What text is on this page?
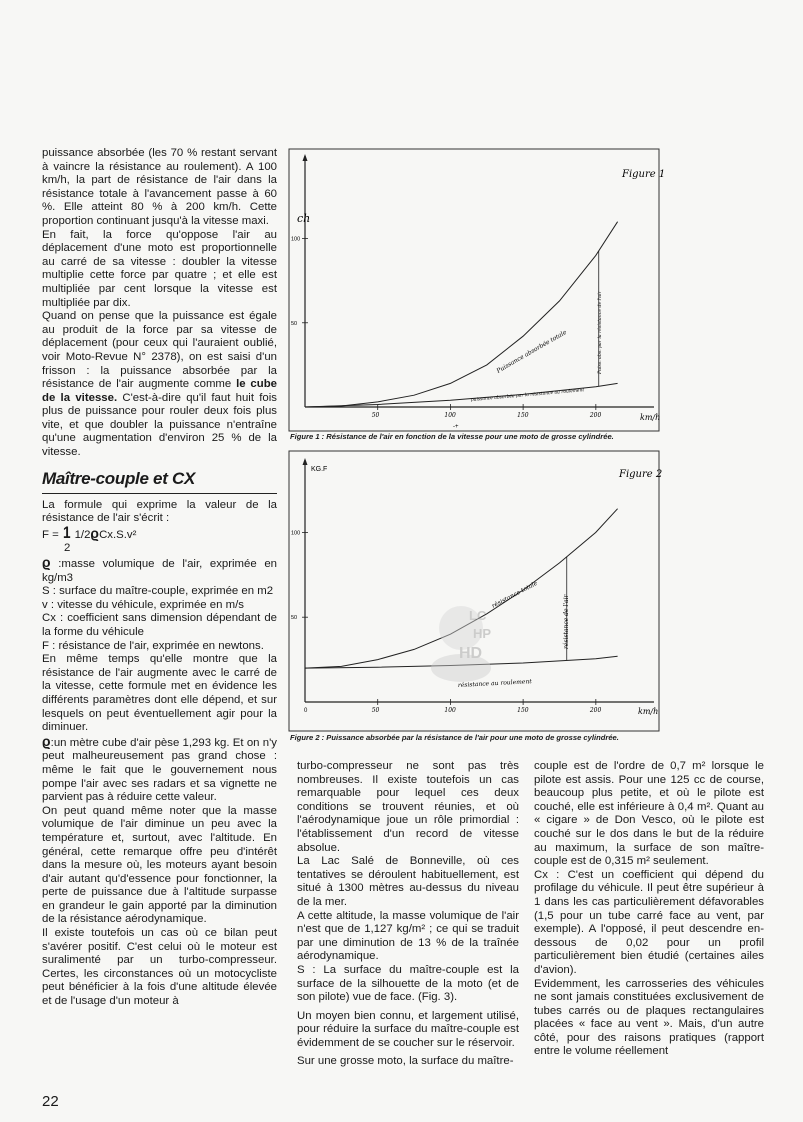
puissance absorbée (les 70 % restant servant à vaincre la résistance au roulement). A 100 km/h, la part de résistance de l'air dans la résistance totale à l'avancement passe à 60 %. Elle atteint 80 % à 200 km/h. Cette proportion continuant jusqu'à la vitesse maxi.

En fait, la force qu'oppose l'air au déplacement d'une moto est proportionnelle au carré de sa vitesse : doubler la vitesse multiplie cette force par quatre ; et elle est multipliée par cent lorsque la vitesse est multipliée par dix.

Quand on pense que la puissance est égale au produit de la force par sa vitesse de déplacement (pour ceux qui l'auraient oublié, voir Moto-Revue N° 2378), on est saisi d'un frisson : la puissance absorbée par la résistance de l'air augmente comme le cube de la vitesse. C'est-à-dire qu'il faut huit fois plus de puissance pour rouler deux fois plus vite, et que doubler la puissance n'entraîne qu'une augmentation d'environ 25 % de la vitesse.

Maître-couple et CX

La formule qui exprime la valeur de la résistance de l'air s'écrit :

F = 1 1/2ϱCx.S.v²

2

ϱ :masse volumique de l'air, exprimée en kg/m3

S : surface du maître-couple, exprimée en m2

v : vitesse du véhicule, exprimée en m/s

Cx : coefficient sans dimension dépendant de la forme du véhicule

F : résistance de l'air, exprimée en newtons.

En même temps qu'elle montre que la résistance de l'air augmente avec le carré de la vitesse, cette formule met en évidence les différents paramètres dont elle dépend, et sur lesquels on peut éventuellement agir pour la diminuer.

ϱ:un mètre cube d'air pèse 1,293 kg. Et on n'y peut malheureusement pas grand chose : même le fait que le gouvernement nous pompe l'air avec ses radars et sa vignette ne parvient pas à réduire cette valeur.

On peut quand même noter que la masse volumique de l'air diminue un peu avec la température et, surtout, avec l'altitude. En général, cette remarque offre peu d'intérêt dans la mesure où, les moteurs ayant besoin d'air autant qu'd'essence pour fonctionner, la perte de puissance due à l'altitude surpasse en grandeur le gain apporté par la diminution de la résistance aérodynamique.

Il existe toutefois un cas où ce bilan peut s'avérer positif. C'est celui où le moteur est suralimenté par un turbo-compresseur. Certes, les circonstances où un motocycliste peut bénéficier à la fois d'une altitude élevée et de l'usage d'un moteur à

22
Figure 1
ch
km/h
-+
50	100	150	200
50
100
Puissance absorbée totale
puissance absorbée par la résistance au roulement
Puiss. abs. par la résistance de l'air
Figure 1 : Résistance de l'air en fonction de la vitesse pour une moto de grosse cylindrée.
Figure 2
KG.F
km/h
0	50	100	150	200
50
100
résistance totale
résistance au roulement
résistance de l'air
Figure 2 : Puissance absorbée par la résistance de l'air pour une moto de grosse cylindrée.
LC
HP
HD

turbo-compresseur ne sont pas très nombreuses. Il existe toutefois un cas remarquable pour lequel ces deux conditions se trouvent réunies, et où l'aérodynamique joue un rôle primordial : l'établissement d'un record de vitesse absolue.

La Lac Salé de Bonneville, où ces tentatives se déroulent habituellement, est situé à 1300 mètres au-dessus du niveau de la mer.

A cette altitude, la masse volumique de l'air n'est que de 1,127 kg/m² ; ce qui se traduit par une diminution de 13 % de la traînée aérodynamique.

S : La surface du maître-couple est la surface de la silhouette de la moto (et de son pilote) vue de face. (Fig. 3).

Un moyen bien connu, et largement utilisé, pour réduire la surface du maître-couple est évidemment de se coucher sur le réservoir.

Sur une grosse moto, la surface du maître-

couple est de l'ordre de 0,7 m² lorsque le pilote est assis. Pour une 125 cc de course, beaucoup plus petite, et où le pilote est couché, elle est inférieure à 0,4 m². Quant au « cigare » de Don Vesco, où le pilote est couché sur le dos dans le but de la réduire au maximum, la surface de son maître-couple est de 0,315 m² seulement.

Cx : C'est un coefficient qui dépend du profilage du véhicule. Il peut être supérieur à 1 dans les cas particulièrement défavorables (1,5 pour un tube carré face au vent, par exemple). A l'opposé, il peut descendre en-dessous de 0,02 pour un profil particulièrement bien étudié (certaines ailes d'avion).

Evidemment, les carrosseries des véhicules ne sont jamais constituées exclusivement de tubes carrés ou de plaques rectangulaires placées « face au vent ». Mais, d'un autre côté, pour des raisons pratiques (rapport entre le volume réellement
